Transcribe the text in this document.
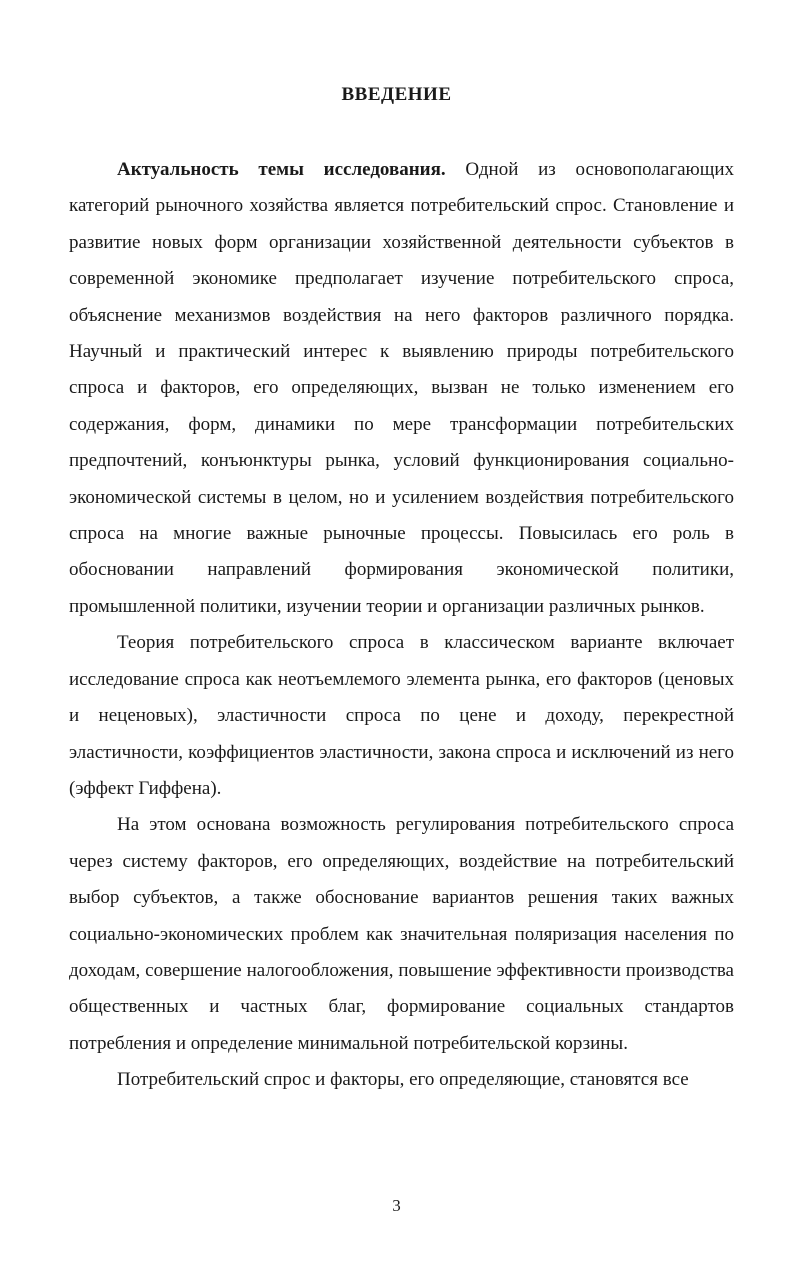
ВВЕДЕНИЕ

Актуальность темы исследования. Одной из основополагающих категорий рыночного хозяйства является потребительский спрос. Становление и развитие новых форм организации хозяйственной деятельности субъектов в современной экономике предполагает изучение потребительского спроса, объяснение механизмов воздействия на него факторов различного порядка. Научный и практический интерес к выявлению природы потребительского спроса и факторов, его определяющих, вызван не только изменением его содержания, форм, динамики по мере трансформации потребительских предпочтений, конъюнктуры рынка, условий функционирования социально-экономической системы в целом, но и усилением воздействия потребительского спроса на многие важные рыночные процессы. Повысилась его роль в обосновании направлений формирования экономической политики, промышленной политики, изучении теории и организации различных рынков.

Теория потребительского спроса в классическом варианте включает исследование спроса как неотъемлемого элемента рынка, его факторов (ценовых и неценовых), эластичности спроса по цене и доходу, перекрестной эластичности, коэффициентов эластичности, закона спроса и исключений из него (эффект Гиффена).

На этом основана возможность регулирования потребительского спроса через систему факторов, его определяющих, воздействие на потребительский выбор субъектов, а также обоснование вариантов решения таких важных социально-экономических проблем как значительная поляризация населения по доходам, совершение налогообложения, повышение эффективности производства общественных и частных благ, формирование социальных стандартов потребления и определение минимальной потребительской корзины.

Потребительский спрос и факторы, его определяющие, становятся все

3
